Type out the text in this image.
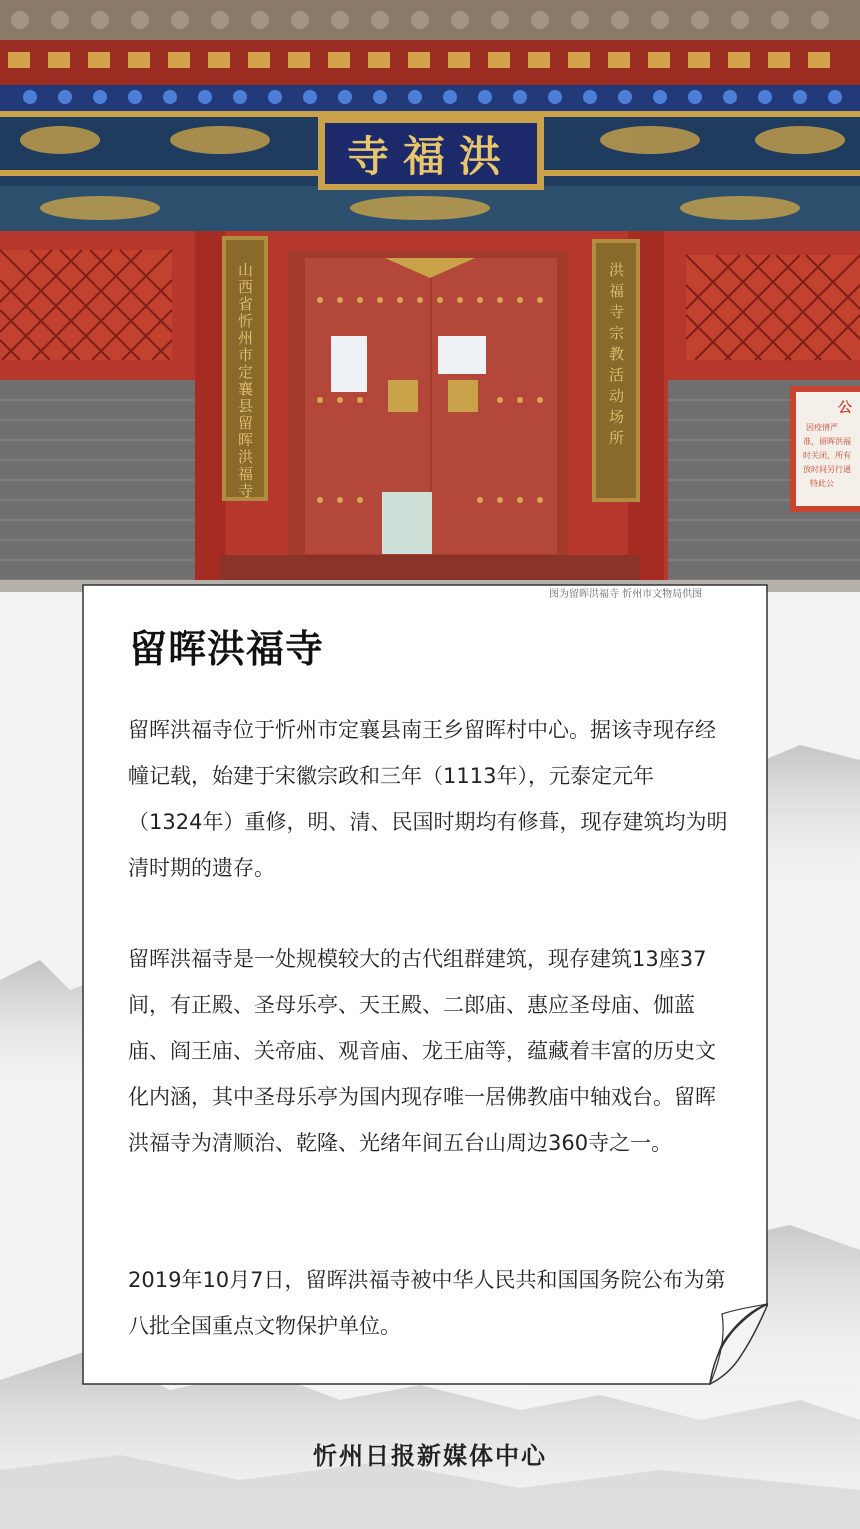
寺福洪
山西省忻州市定襄县留晖洪福寺	洪福寺宗教活动场所	公
因疫情严
准，留晖洪福
时关闭，所有
放时间另行通
特此公
留晖洪福寺

留晖洪福寺位于忻州市定襄县南王乡留晖村中心。据该寺现存经幢记载，始建于宋徽宗政和三年（1113年），元泰定元年（1324年）重修，明、清、民国时期均有修葺，现存建筑均为明清时期的遗存。

留晖洪福寺是一处规模较大的古代组群建筑，现存建筑13座37间，有正殿、圣母乐亭、天王殿、二郎庙、惠应圣母庙、伽蓝庙、阎王庙、关帝庙、观音庙、龙王庙等，蕴藏着丰富的历史文化内涵，其中圣母乐亭为国内现存唯一居佛教庙中轴戏台。留晖洪福寺为清顺治、乾隆、光绪年间五台山周边360寺之一。

2019年10月7日，留晖洪福寺被中华人民共和国国务院公布为第八批全国重点文物保护单位。

图为留晖洪福寺 忻州市文物局供图
忻州日报新媒体中心
